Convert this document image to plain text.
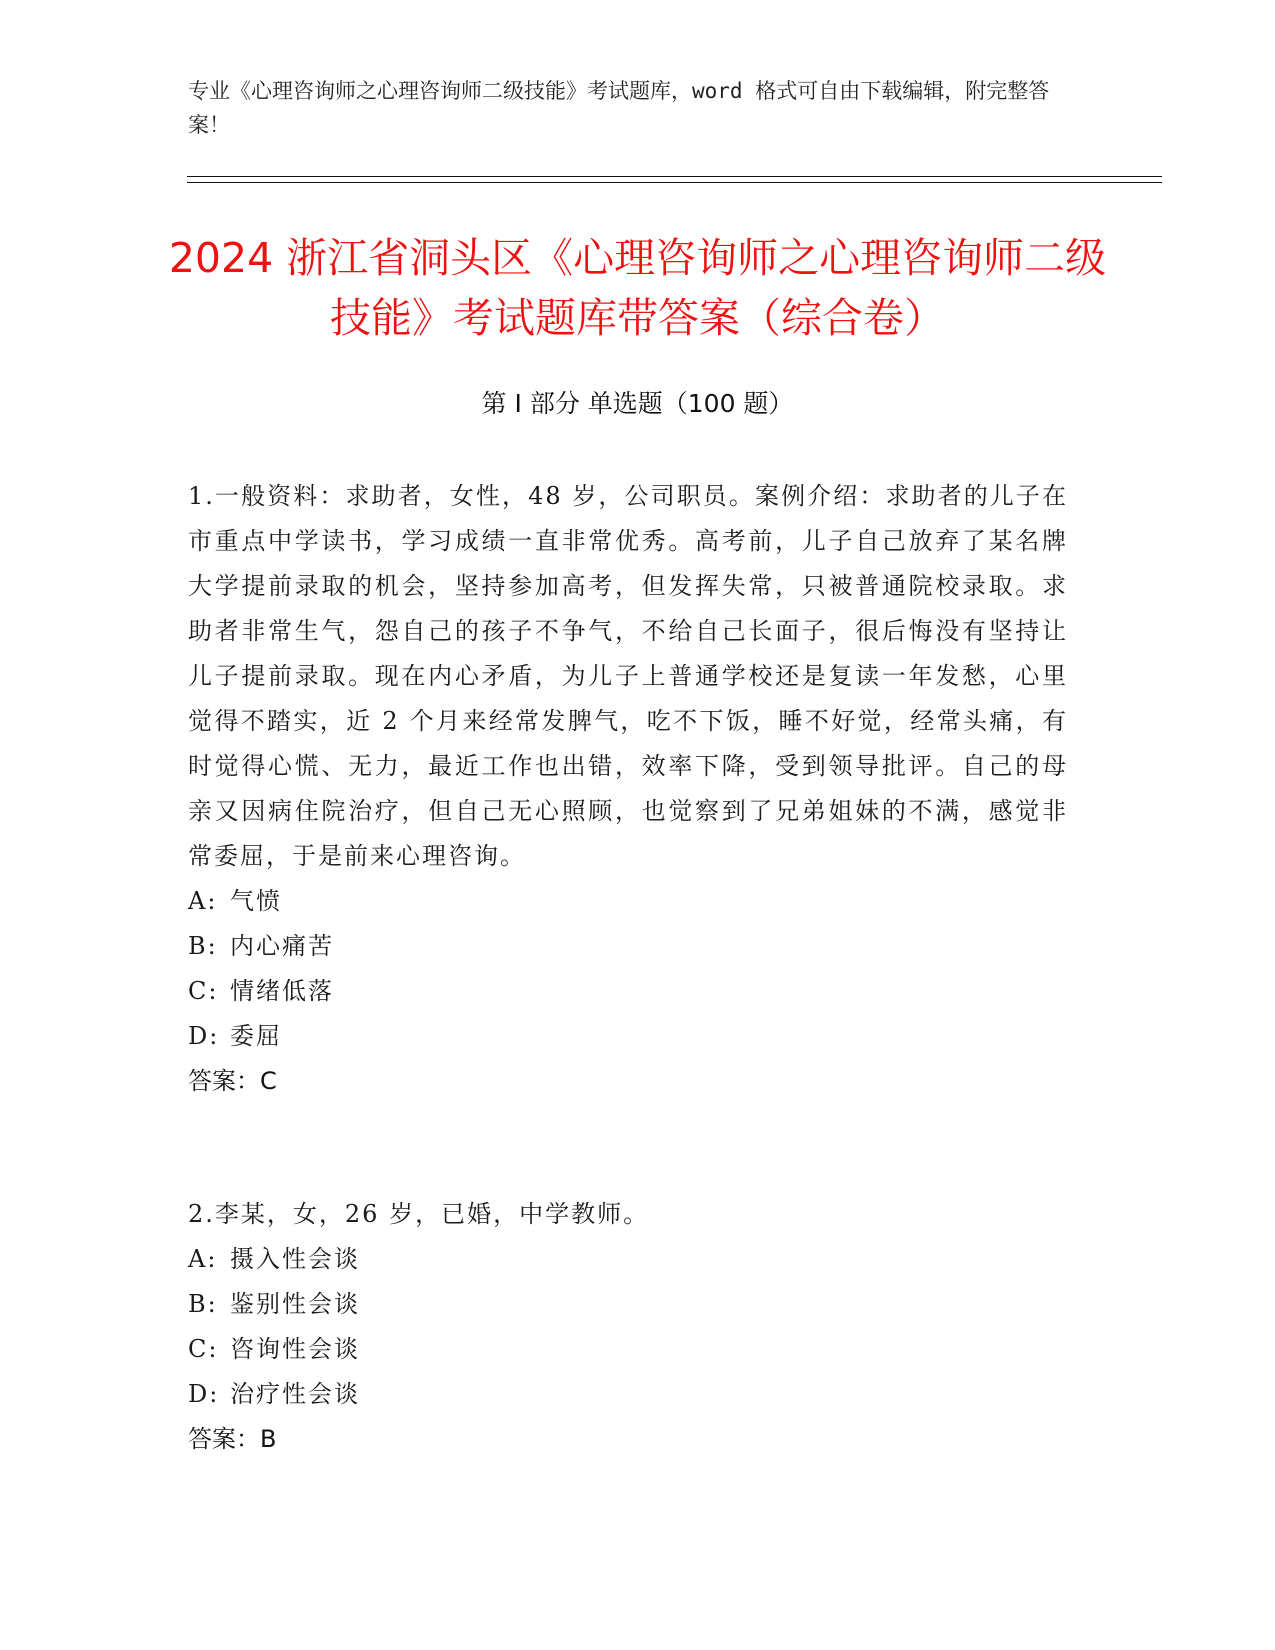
专业《心理咨询师之心理咨询师二级技能》考试题库，word 格式可自由下载编辑，附完整答案！
2024 浙江省洞头区《心理咨询师之心理咨询师二级技能》考试题库带答案（综合卷）
第 I 部分 单选题（100 题）
1.一般资料：求助者，女性，48 岁，公司职员。案例介绍：求助者的儿子在市重点中学读书，学习成绩一直非常优秀。高考前，儿子自己放弃了某名牌大学提前录取的机会，坚持参加高考，但发挥失常，只被普通院校录取。求助者非常生气，怨自己的孩子不争气，不给自己长面子，很后悔没有坚持让儿子提前录取。现在内心矛盾，为儿子上普通学校还是复读一年发愁，心里觉得不踏实，近 2 个月来经常发脾气，吃不下饭，睡不好觉，经常头痛，有时觉得心慌、无力，最近工作也出错，效率下降，受到领导批评。自己的母亲又因病住院治疗，但自己无心照顾，也觉察到了兄弟姐妹的不满，感觉非常委屈，于是前来心理咨询。
A: 气愤
B: 内心痛苦
C: 情绪低落
D: 委屈
答案：C
2.李某，女，26 岁，已婚，中学教师。
A: 摄入性会谈
B: 鉴别性会谈
C: 咨询性会谈
D: 治疗性会谈
答案：B
